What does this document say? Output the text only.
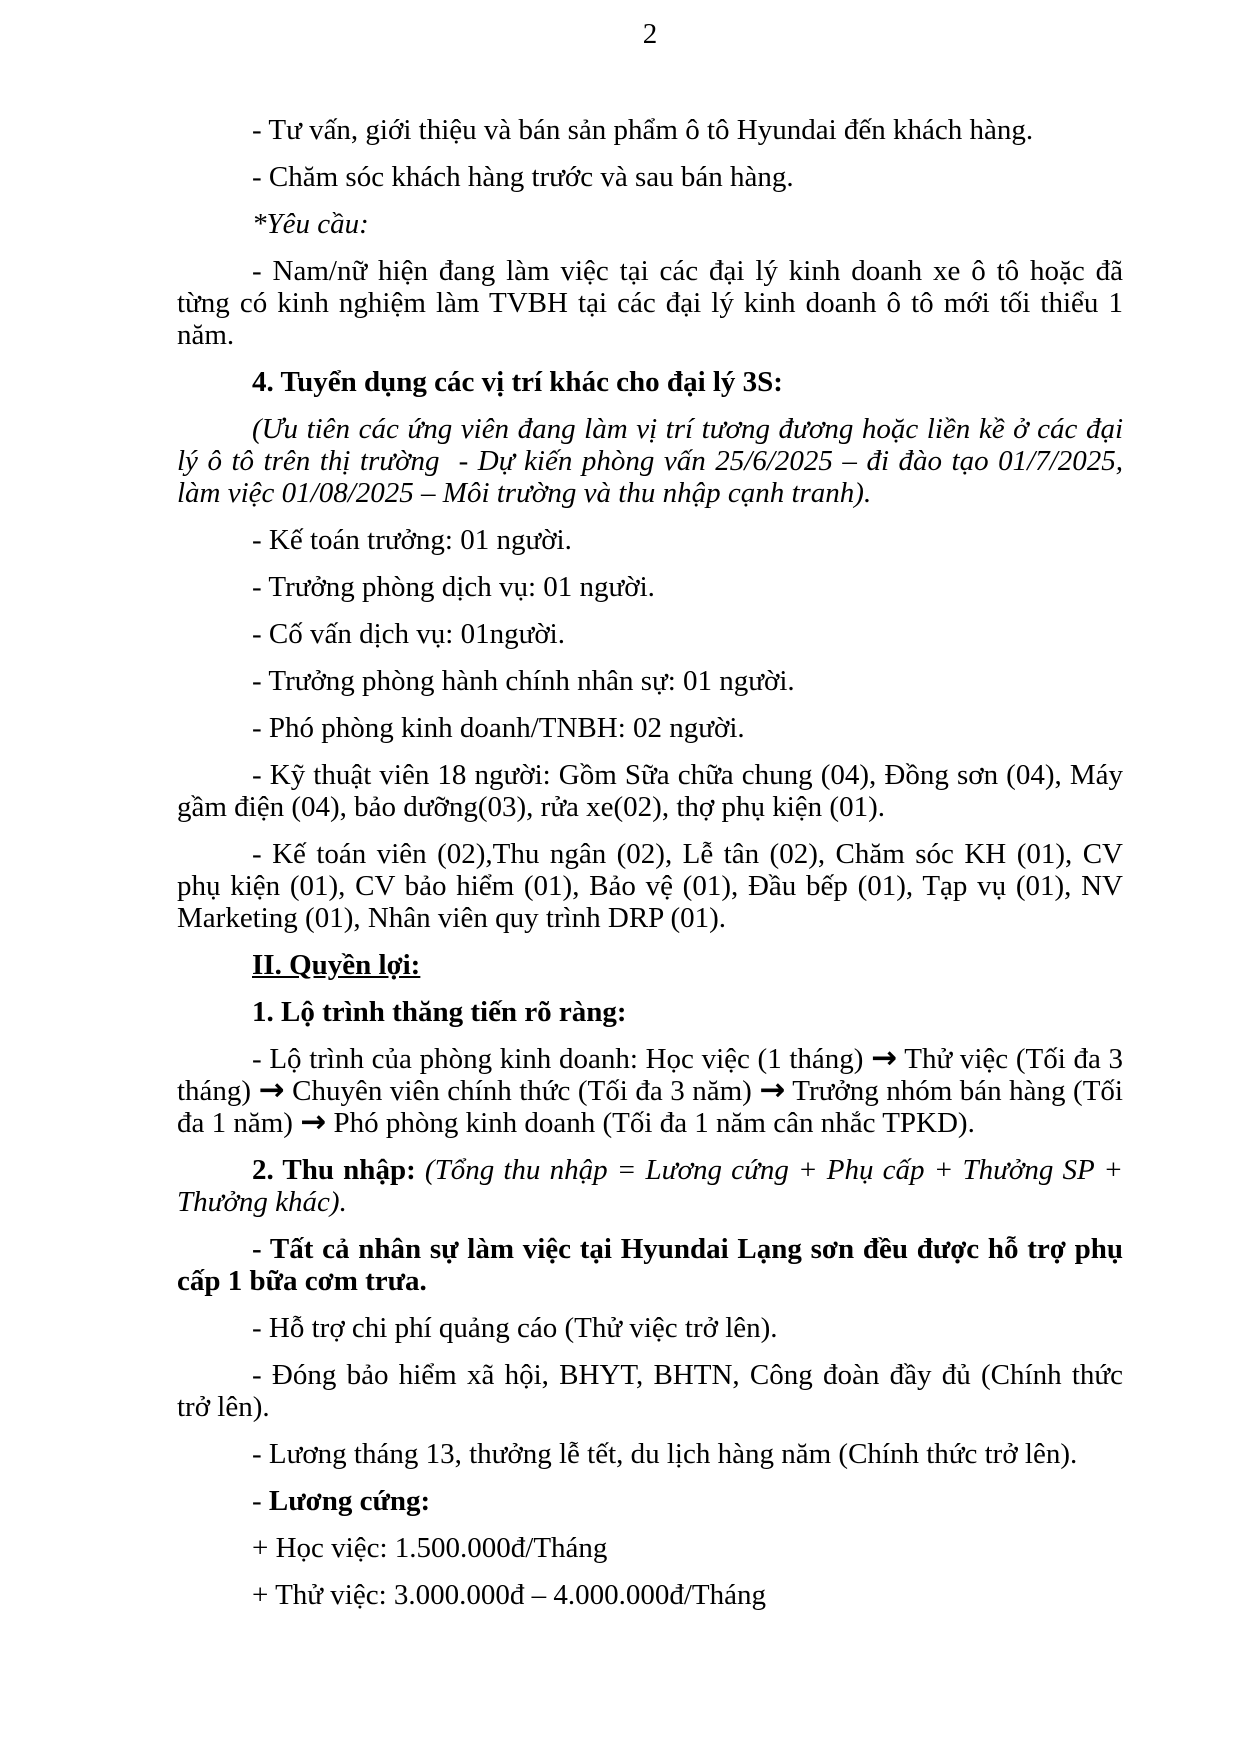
2

- Tư vấn, giới thiệu và bán sản phẩm ô tô Hyundai đến khách hàng.

- Chăm sóc khách hàng trước và sau bán hàng.

*Yêu cầu:

- Nam/nữ hiện đang làm việc tại các đại lý kinh doanh xe ô tô hoặc đã từng có kinh nghiệm làm TVBH tại các đại lý kinh doanh ô tô mới tối thiểu 1 năm.

4. Tuyển dụng các vị trí khác cho đại lý 3S:

(Ưu tiên các ứng viên đang làm vị trí tương đương hoặc liền kề ở các đại lý ô tô trên thị trường  - Dự kiến phòng vấn 25/6/2025 – đi đào tạo 01/7/2025, làm việc 01/08/2025 – Môi trường và thu nhập cạnh tranh).

- Kế toán trưởng: 01 người.

- Trưởng phòng dịch vụ: 01 người.

- Cố vấn dịch vụ: 01người.

- Trưởng phòng hành chính nhân sự: 01 người.

- Phó phòng kinh doanh/TNBH: 02 người.

- Kỹ thuật viên 18 người: Gồm Sữa chữa chung (04), Đồng sơn (04), Máy gầm điện (04), bảo dưỡng(03), rửa xe(02), thợ phụ kiện (01).

- Kế toán viên (02),Thu ngân (02), Lễ tân (02), Chăm sóc KH (01), CV phụ kiện (01), CV bảo hiểm (01), Bảo vệ (01), Đầu bếp (01), Tạp vụ (01), NV Marketing (01), Nhân viên quy trình DRP (01).

II. Quyền lợi:

1. Lộ trình thăng tiến rõ ràng:

- Lộ trình của phòng kinh doanh: Học việc (1 tháng) → Thử việc (Tối đa 3 tháng) → Chuyên viên chính thức (Tối đa 3 năm) → Trưởng nhóm bán hàng (Tối đa 1 năm) → Phó phòng kinh doanh (Tối đa 1 năm cân nhắc TPKD).

2. Thu nhập: (Tổng thu nhập = Lương cứng + Phụ cấp + Thưởng SP + Thưởng khác).

- Tất cả nhân sự làm việc tại Hyundai Lạng sơn đều được hỗ trợ phụ cấp 1 bữa cơm trưa.

- Hỗ trợ chi phí quảng cáo (Thử việc trở lên).

- Đóng bảo hiểm xã hội, BHYT, BHTN, Công đoàn đầy đủ (Chính thức trở lên).

- Lương tháng 13, thưởng lễ tết, du lịch hàng năm (Chính thức trở lên).

- Lương cứng:

+ Học việc: 1.500.000đ/Tháng

+ Thử việc: 3.000.000đ – 4.000.000đ/Tháng
